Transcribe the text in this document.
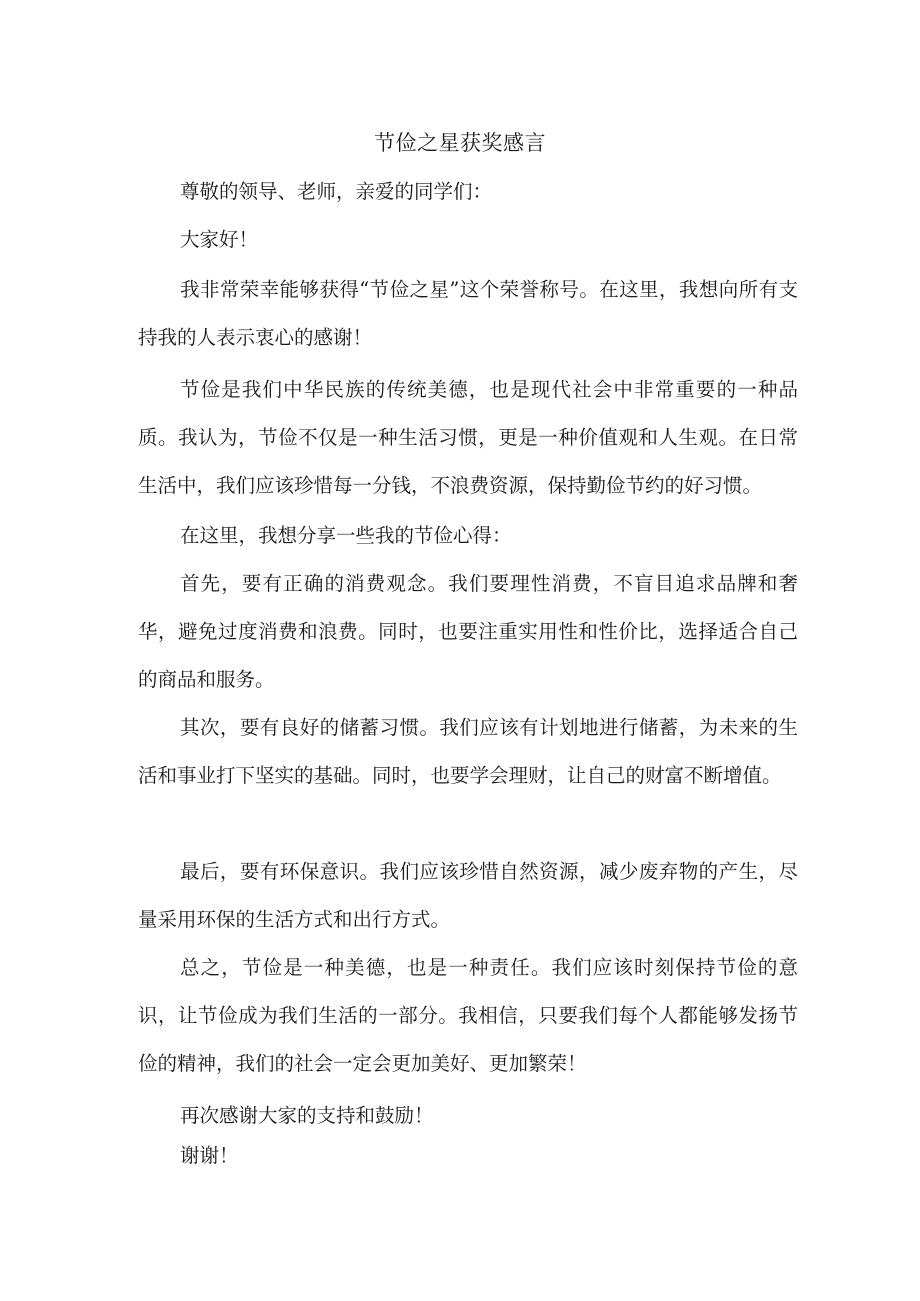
节俭之星获奖感言

尊敬的领导、老师，亲爱的同学们：

大家好！

我非常荣幸能够获得“节俭之星”这个荣誉称号。在这里，我想向所有支持我的人表示衷心的感谢！

节俭是我们中华民族的传统美德，也是现代社会中非常重要的一种品质。我认为，节俭不仅是一种生活习惯，更是一种价值观和人生观。在日常生活中，我们应该珍惜每一分钱，不浪费资源，保持勤俭节约的好习惯。

在这里，我想分享一些我的节俭心得：

首先，要有正确的消费观念。我们要理性消费，不盲目追求品牌和奢华，避免过度消费和浪费。同时，也要注重实用性和性价比，选择适合自己的商品和服务。

其次，要有良好的储蓄习惯。我们应该有计划地进行储蓄，为未来的生活和事业打下坚实的基础。同时，也要学会理财，让自己的财富不断增值。

最后，要有环保意识。我们应该珍惜自然资源，减少废弃物的产生，尽量采用环保的生活方式和出行方式。

总之，节俭是一种美德，也是一种责任。我们应该时刻保持节俭的意识，让节俭成为我们生活的一部分。我相信，只要我们每个人都能够发扬节俭的精神，我们的社会一定会更加美好、更加繁荣！

再次感谢大家的支持和鼓励！

谢谢！
